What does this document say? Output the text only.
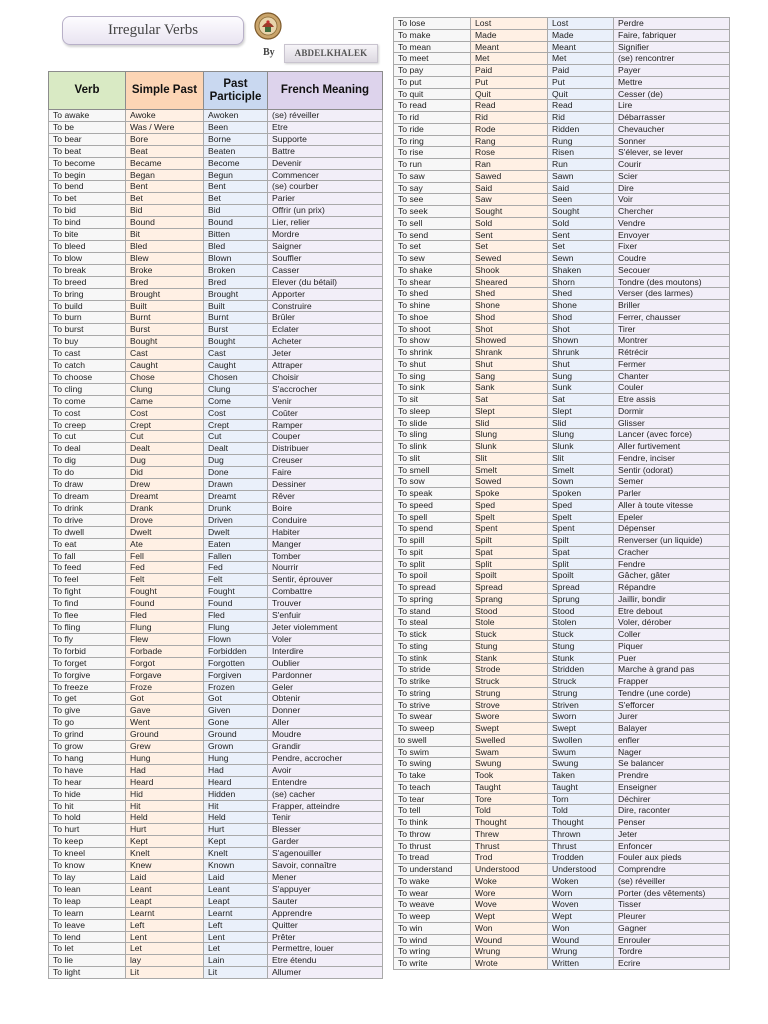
Irregular Verbs
By	ABDELKHALEK
Verb	Simple Past	Past Participle	French Meaning
To awake	Awoke	Awoken	(se) réveiller
To be	Was / Were	Been	Etre
To bear	Bore	Borne	Supporte
To beat	Beat	Beaten	Battre
To become	Became	Become	Devenir
To begin	Began	Begun	Commencer
To bend	Bent	Bent	(se) courber
To bet	Bet	Bet	Parier
To bid	Bid	Bid	Offrir (un prix)
To bind	Bound	Bound	Lier, relier
To bite	Bit	Bitten	Mordre
To bleed	Bled	Bled	Saigner
To blow	Blew	Blown	Souffler
To break	Broke	Broken	Casser
To breed	Bred	Bred	Elever (du bétail)
To bring	Brought	Brought	Apporter
To build	Built	Built	Construire
To burn	Burnt	Burnt	Brûler
To burst	Burst	Burst	Eclater
To buy	Bought	Bought	Acheter
To cast	Cast	Cast	Jeter
To catch	Caught	Caught	Attraper
To choose	Chose	Chosen	Choisir
To cling	Clung	Clung	S'accrocher
To come	Came	Come	Venir
To cost	Cost	Cost	Coûter
To creep	Crept	Crept	Ramper
To cut	Cut	Cut	Couper
To deal	Dealt	Dealt	Distribuer
To dig	Dug	Dug	Creuser
To do	Did	Done	Faire
To draw	Drew	Drawn	Dessiner
To dream	Dreamt	Dreamt	Rêver
To drink	Drank	Drunk	Boire
To drive	Drove	Driven	Conduire
To dwell	Dwelt	Dwelt	Habiter
To eat	Ate	Eaten	Manger
To fall	Fell	Fallen	Tomber
To feed	Fed	Fed	Nourrir
To feel	Felt	Felt	Sentir, éprouver
To fight	Fought	Fought	Combattre
To find	Found	Found	Trouver
To flee	Fled	Fled	S'enfuir
To fling	Flung	Flung	Jeter violemment
To fly	Flew	Flown	Voler
To forbid	Forbade	Forbidden	Interdire
To forget	Forgot	Forgotten	Oublier
To forgive	Forgave	Forgiven	Pardonner
To freeze	Froze	Frozen	Geler
To get	Got	Got	Obtenir
To give	Gave	Given	Donner
To go	Went	Gone	Aller
To grind	Ground	Ground	Moudre
To grow	Grew	Grown	Grandir
To hang	Hung	Hung	Pendre, accrocher
To have	Had	Had	Avoir
To hear	Heard	Heard	Entendre
To hide	Hid	Hidden	(se) cacher
To hit	Hit	Hit	Frapper, atteindre
To hold	Held	Held	Tenir
To hurt	Hurt	Hurt	Blesser
To keep	Kept	Kept	Garder
To kneel	Knelt	Knelt	S'agenouiller
To know	Knew	Known	Savoir, connaître
To lay	Laid	Laid	Mener
To lean	Leant	Leant	S'appuyer
To leap	Leapt	Leapt	Sauter
To learn	Learnt	Learnt	Apprendre
To leave	Left	Left	Quitter
To lend	Lent	Lent	Prêter
To let	Let	Let	Permettre, louer
To lie	lay	Lain	Etre étendu
To light	Lit	Lit	Allumer
To lose	Lost	Lost	Perdre
To make	Made	Made	Faire, fabriquer
To mean	Meant	Meant	Signifier
To meet	Met	Met	(se) rencontrer
To pay	Paid	Paid	Payer
To put	Put	Put	Mettre
To quit	Quit	Quit	Cesser (de)
To read	Read	Read	Lire
To rid	Rid	Rid	Débarrasser
To ride	Rode	Ridden	Chevaucher
To ring	Rang	Rung	Sonner
To rise	Rose	Risen	S'élever, se lever
To run	Ran	Run	Courir
To saw	Sawed	Sawn	Scier
To say	Said	Said	Dire
To see	Saw	Seen	Voir
To seek	Sought	Sought	Chercher
To sell	Sold	Sold	Vendre
To send	Sent	Sent	Envoyer
To set	Set	Set	Fixer
To sew	Sewed	Sewn	Coudre
To shake	Shook	Shaken	Secouer
To shear	Sheared	Shorn	Tondre (des moutons)
To shed	Shed	Shed	Verser (des larmes)
To shine	Shone	Shone	Briller
To shoe	Shod	Shod	Ferrer, chausser
To shoot	Shot	Shot	Tirer
To show	Showed	Shown	Montrer
To shrink	Shrank	Shrunk	Rétrécir
To shut	Shut	Shut	Fermer
To sing	Sang	Sung	Chanter
To sink	Sank	Sunk	Couler
To sit	Sat	Sat	Etre assis
To sleep	Slept	Slept	Dormir
To slide	Slid	Slid	Glisser
To sling	Slung	Slung	Lancer (avec force)
To slink	Slunk	Slunk	Aller furtivement
To slit	Slit	Slit	Fendre, inciser
To smell	Smelt	Smelt	Sentir (odorat)
To sow	Sowed	Sown	Semer
To speak	Spoke	Spoken	Parler
To speed	Sped	Sped	Aller à toute vitesse
To spell	Spelt	Spelt	Epeler
To spend	Spent	Spent	Dépenser
To spill	Spilt	Spilt	Renverser (un liquide)
To spit	Spat	Spat	Cracher
To split	Split	Split	Fendre
To spoil	Spoilt	Spoilt	Gâcher, gâter
To spread	Spread	Spread	Répandre
To spring	Sprang	Sprung	Jaillir, bondir
To stand	Stood	Stood	Etre debout
To steal	Stole	Stolen	Voler, dérober
To stick	Stuck	Stuck	Coller
To sting	Stung	Stung	Piquer
To stink	Stank	Stunk	Puer
To stride	Strode	Stridden	Marche à grand pas
To strike	Struck	Struck	Frapper
To string	Strung	Strung	Tendre (une corde)
To strive	Strove	Striven	S'efforcer
To swear	Swore	Sworn	Jurer
To sweep	Swept	Swept	Balayer
to swell	Swelled	Swollen	enfler
To swim	Swam	Swum	Nager
To swing	Swung	Swung	Se balancer
To take	Took	Taken	Prendre
To teach	Taught	Taught	Enseigner
To tear	Tore	Torn	Déchirer
To tell	Told	Told	Dire, raconter
To think	Thought	Thought	Penser
To throw	Threw	Thrown	Jeter
To thrust	Thrust	Thrust	Enfoncer
To tread	Trod	Trodden	Fouler aux pieds
To understand	Understood	Understood	Comprendre
To wake	Woke	Woken	(se) réveiller
To wear	Wore	Worn	Porter (des vêtements)
To weave	Wove	Woven	Tisser
To weep	Wept	Wept	Pleurer
To win	Won	Won	Gagner
To wind	Wound	Wound	Enrouler
To wring	Wrung	Wrung	Tordre
To write	Wrote	Written	Ecrire
